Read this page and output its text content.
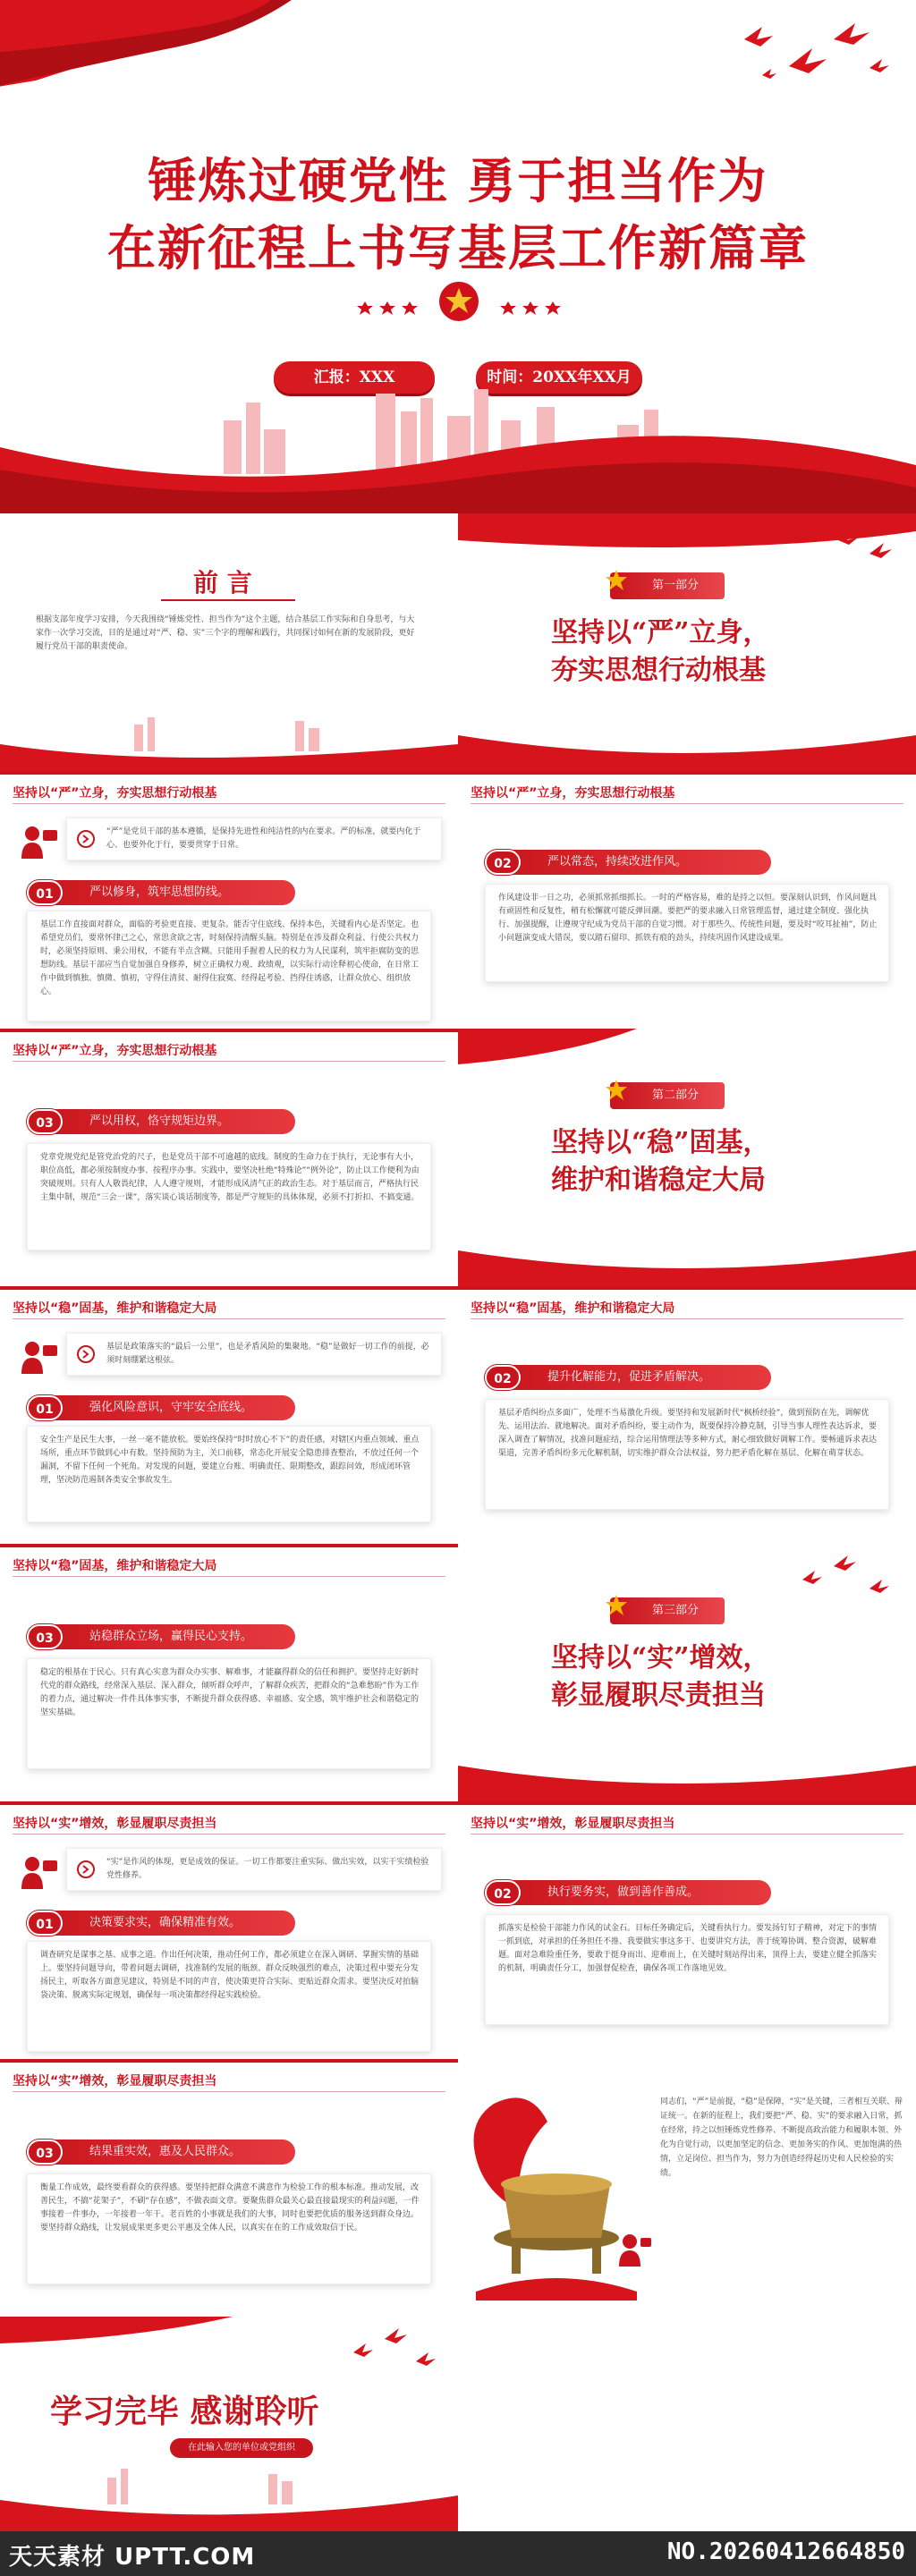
锤炼过硬党性 勇于担当作为
在新征程上书写基层工作新篇章
汇报：XXX	时间：20XX年XX月
前 言
根据支部年度学习安排，今天我围绕“锤炼党性、担当作为”这个主题，结合基层工作实际和自身思考，与大家作一次学习交流，目的是通过对“严、稳、实”三个字的理解和践行，共同探讨如何在新的发展阶段，更好履行党员干部的职责使命。
第一部分
坚持以“严”立身，
夯实思想行动根基
坚持以“严”立身，夯实思想行动根基
“严”是党员干部的基本遵循，是保持先进性和纯洁性的内在要求。严的标准，就要内化于心、也要外化于行，要要贯穿于日常。
严以修身，筑牢思想防线。
01
基层工作直接面对群众，面临的考验更直接、更复杂。能否守住底线、保持本色，关键看内心是否坚定。也希望党员们，要常怀律己之心，常思贪欲之害，时刻保持清醒头脑。特别是在涉及群众利益、行使公共权力时，必须坚持原则、秉公用权，不能有半点含糊。只能用手握着人民的权力为人民谋利，筑牢拒腐防变的思想防线。基层干部应当自觉加强自身修养，树立正确权力观、政绩观，以实际行动诠释初心使命，在日常工作中做到慎独、慎微、慎初，守得住清贫、耐得住寂寞、经得起考验、挡得住诱惑，让群众放心、组织放心。
坚持以“严”立身，夯实思想行动根基
严以常态，持续改进作风。
02
作风建设非一日之功，必须抓常抓细抓长。一时的严格容易，难的是持之以恒。要深刻认识到，作风问题具有顽固性和反复性，稍有松懈就可能反弹回潮。要把严的要求融入日常管理监督，通过建全制度、强化执行、加强提醒，让遵规守纪成为党员干部的自觉习惯。对于那些久、传统性问题，要及时“咬耳扯袖”，防止小问题演变成大错误，要以踏石留印、抓铁有痕的劲头，持续巩固作风建设成果。
坚持以“严”立身，夯实思想行动根基
严以用权，恪守规矩边界。
03
党章党规党纪是管党治党的尺子，也是党员干部不可逾越的底线。制度的生命力在于执行，无论事有大小，职位高低，都必须按制度办事、按程序办事。实践中，要坚决杜绝“特殊论”“例外论”，防止以工作便利为由突破规则。只有人人敬畏纪律，人人遵守规则，才能形成风清气正的政治生态。对于基层而言，严格执行民主集中制，规范“三会一课”，落实谈心谈话制度等，都是严守规矩的具体体现，必须不打折扣、不搞变通。
第二部分
坚持以“稳”固基，
维护和谐稳定大局
坚持以“稳”固基，维护和谐稳定大局
基层是政策落实的“最后一公里”，也是矛盾风险的集聚地。“稳”是做好一切工作的前提，必须时刻绷紧这根弦。
强化风险意识，守牢安全底线。
01
安全生产是民生大事，一丝一毫不能放松。要始终保持“时时放心不下”的责任感，对辖区内重点领域、重点场所，重点环节做到心中有数。坚持预防为主，关口前移，常态化开展安全隐患排查整治，不放过任何一个漏洞，不留下任何一个死角。对发现的问题，要建立台账、明确责任、限期整改，跟踪问效，形成闭环管理，坚决防范遏制各类安全事故发生。
坚持以“稳”固基，维护和谐稳定大局
提升化解能力，促进矛盾解决。
02
基层矛盾纠纷点多面广，处理不当易激化升级。要坚持和发展新时代“枫桥经验”，做到预防在先，调解优先、运用法治、就地解决。面对矛盾纠纷，要主动作为，既要保持冷静克制，引导当事人理性表达诉求，要深入调查了解情况，找准问题症结，综合运用情理法等多种方式，耐心细致做好调解工作。要畅通诉求表达渠道，完善矛盾纠纷多元化解机制，切实维护群众合法权益，努力把矛盾化解在基层、化解在萌芽状态。
坚持以“稳”固基，维护和谐稳定大局
站稳群众立场，赢得民心支持。
03
稳定的根基在于民心。只有真心实意为群众办实事、解难事，才能赢得群众的信任和拥护。要坚持走好新时代党的群众路线，经常深入基层、深入群众，倾听群众呼声，了解群众疾苦，把群众的“急难愁盼”作为工作的着力点，通过解决一件件具体事实事，不断提升群众获得感、幸福感、安全感，筑牢维护社会和谐稳定的坚实基础。
第三部分
坚持以“实”增效，
彰显履职尽责担当
坚持以“实”增效，彰显履职尽责担当
“实”是作风的体现，更是成效的保证。一切工作都要注重实际、做出实效，以实干实绩检验党性修养。
决策要求实，确保精准有效。
01
调查研究是谋事之基、成事之道。作出任何决策，推动任何工作，都必须建立在深入调研、掌握实情的基础上。要坚持问题导向，带着问题去调研，找准制约发展的瓶颈、群众反映强烈的难点，决策过程中要充分发扬民主，听取各方面意见建议，特别是不同的声音，使决策更符合实际、更贴近群众需求。要坚决反对拍脑袋决策、脱离实际定规划，确保每一项决策都经得起实践检验。
坚持以“实”增效，彰显履职尽责担当
执行要务实，做到善作善成。
02
抓落实是检验干部能力作风的试金石。目标任务确定后，关键看执行力。要发扬钉钉子精神，对定下的事情一抓到底，对承担的任务担任不推、我要做实事这多干、也要讲究方法，善于统筹协调、整合资源，破解难题。面对急难险重任务，要敢于挺身而出、迎难而上，在关键时刻站得出来，顶得上去，要建立健全抓落实的机制，明确责任分工，加强督促检查，确保各项工作落地见效。
坚持以“实”增效，彰显履职尽责担当
结果重实效，惠及人民群众。
03
衡量工作成效，最终要看群众的获得感。要坚持把群众满意不满意作为检验工作的根本标准。推动发展，改善民生，不搞“花架子”，不刷“存在感”，不做表面文章。要聚焦群众最关心最直接最现实的利益问题，一件事接着一件事办，一年接着一年干。老百姓的小事就是我们的大事，同时也要把优质的服务送到群众身边。要坚持群众路线，让发展成果更多更公平惠及全体人民，以真实在在的工作成效取信于民。
同志们，“严”是前提，“稳”是保障，“实”是关键，三者相互关联、辩证统一。在新的征程上，我们要把“严、稳、实”的要求融入日常，抓在经常，持之以恒锤炼党性修养、不断提高政治能力和履职本领、外化为自觉行动，以更加坚定的信念、更加务实的作风、更加饱满的热情，立足岗位、担当作为，努力为创造经得起历史和人民检验的实绩。
学习完毕 感谢聆听
在此输入您的单位或党组织
天天素材 UPTT.COM	NO.20260412664850
